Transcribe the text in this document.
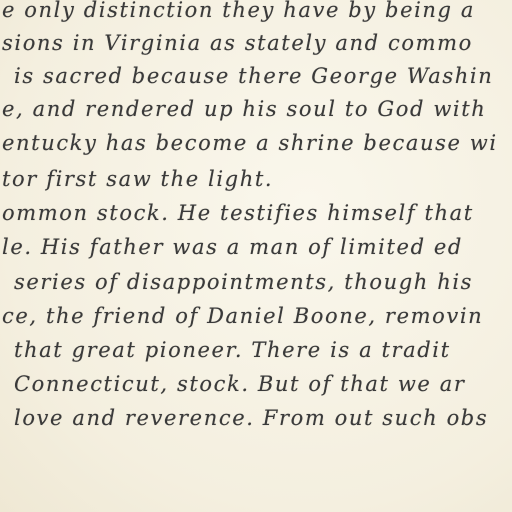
e only distinction they have by being a
sions in Virginia as stately and commo
is sacred because there George Washin
e, and rendered up his soul to God with
entucky has become a shrine because wi
tor first saw the light.
ommon stock. He testifies himself that
le. His father was a man of limited ed
series of disappointments, though his
ce, the friend of Daniel Boone, removin
that great pioneer. There is a tradit
Connecticut, stock. But of that we ar
love and reverence. From out such obs
